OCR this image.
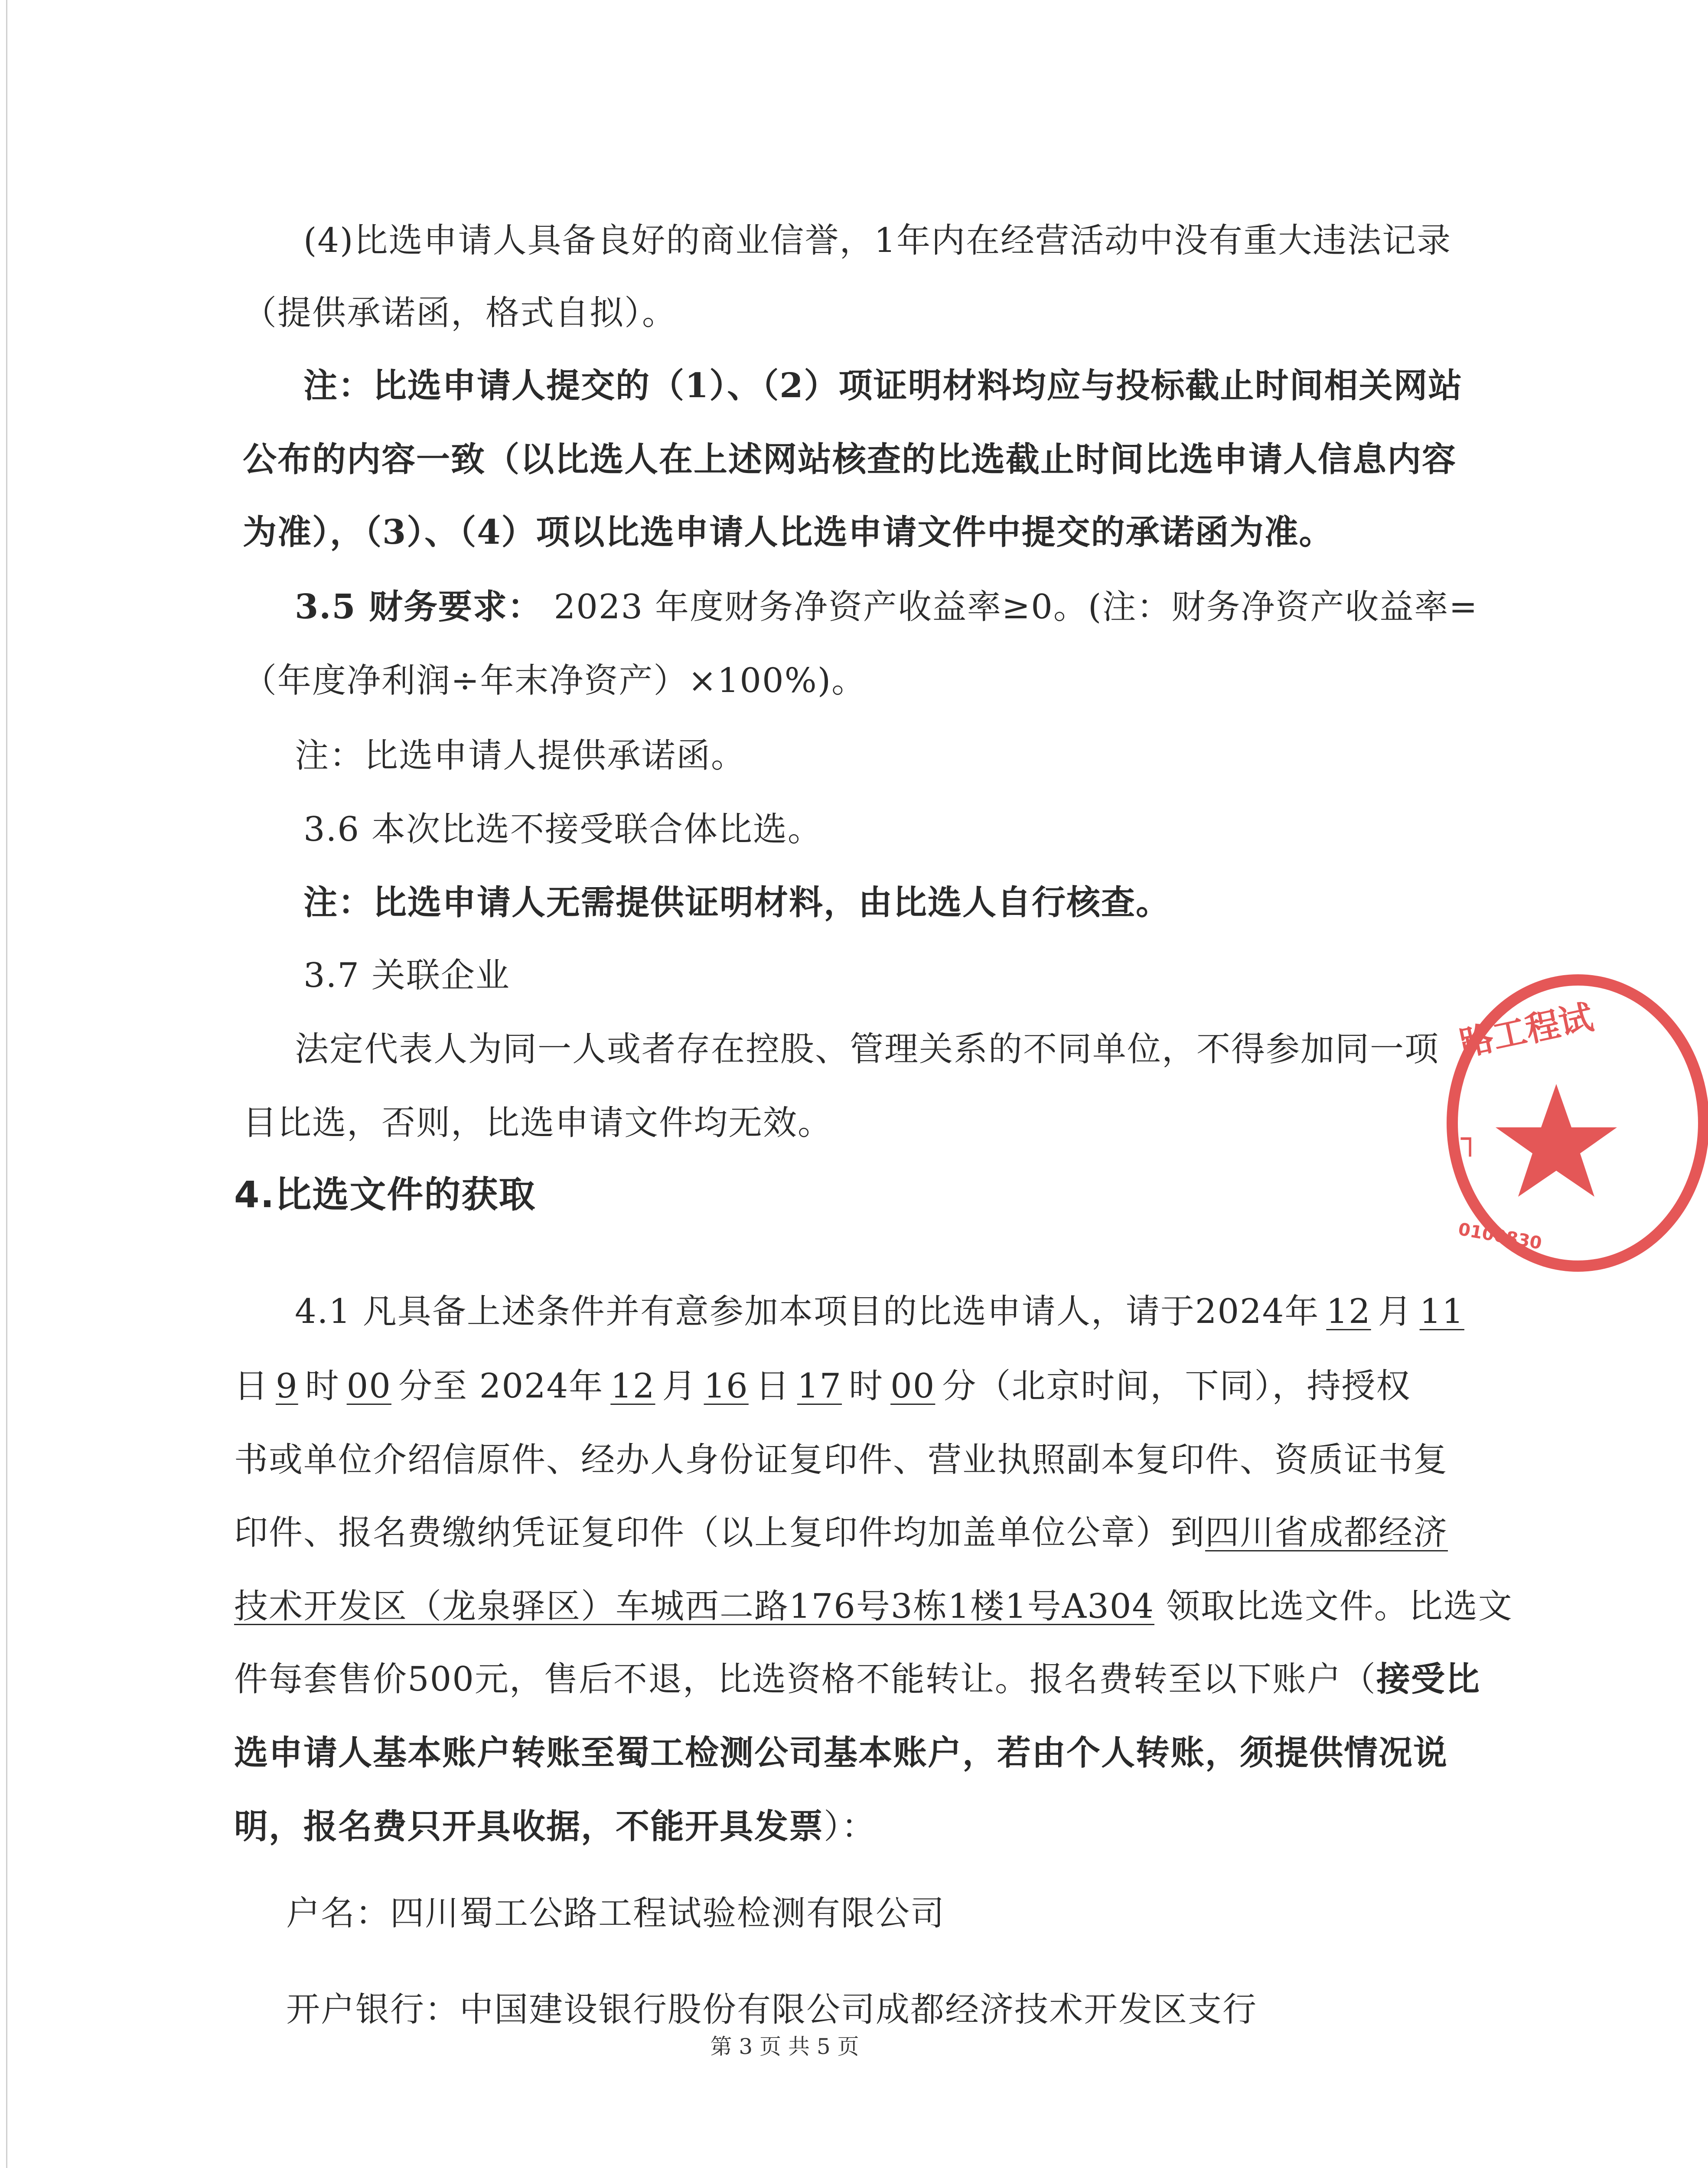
(4)比选申请人具备良好的商业信誉，1年内在经营活动中没有重大违法记录
（提供承诺函，格式自拟）。
注：比选申请人提交的（1）、（2）项证明材料均应与投标截止时间相关网站
公布的内容一致（以比选人在上述网站核查的比选截止时间比选申请人信息内容
为准），（3）、（4）项以比选申请人比选申请文件中提交的承诺函为准。
3.5 财务要求： 2023 年度财务净资产收益率≥0。(注：财务净资产收益率=
（年度净利润÷年末净资产）×100%)。
注：比选申请人提供承诺函。
3.6 本次比选不接受联合体比选。
注：比选申请人无需提供证明材料，由比选人自行核查。
3.7 关联企业
法定代表人为同一人或者存在控股、管理关系的不同单位，不得参加同一项
目比选，否则，比选申请文件均无效。
4.比选文件的获取
4.1 凡具备上述条件并有意参加本项目的比选申请人，请于2024年 12 月 11
日 9 时 00 分至 2024年 12 月 16 日 17 时 00 分（北京时间，下同），持授权
书或单位介绍信原件、经办人身份证复印件、营业执照副本复印件、资质证书复
印件、报名费缴纳凭证复印件（以上复印件均加盖单位公章）到四川省成都经济
技术开发区（龙泉驿区）车城西二路176号3栋1楼1号A304 领取比选文件。比选文
件每套售价500元，售后不退，比选资格不能转让。报名费转至以下账户（接受比
选申请人基本账户转账至蜀工检测公司基本账户，若由个人转账，须提供情况说
明，报名费只开具收据，不能开具发票）：
户名：四川蜀工公路工程试验检测有限公司
开户银行：中国建设银行股份有限公司成都经济技术开发区支行
第 3 页 共 5 页
路工程试
0100830
┐
